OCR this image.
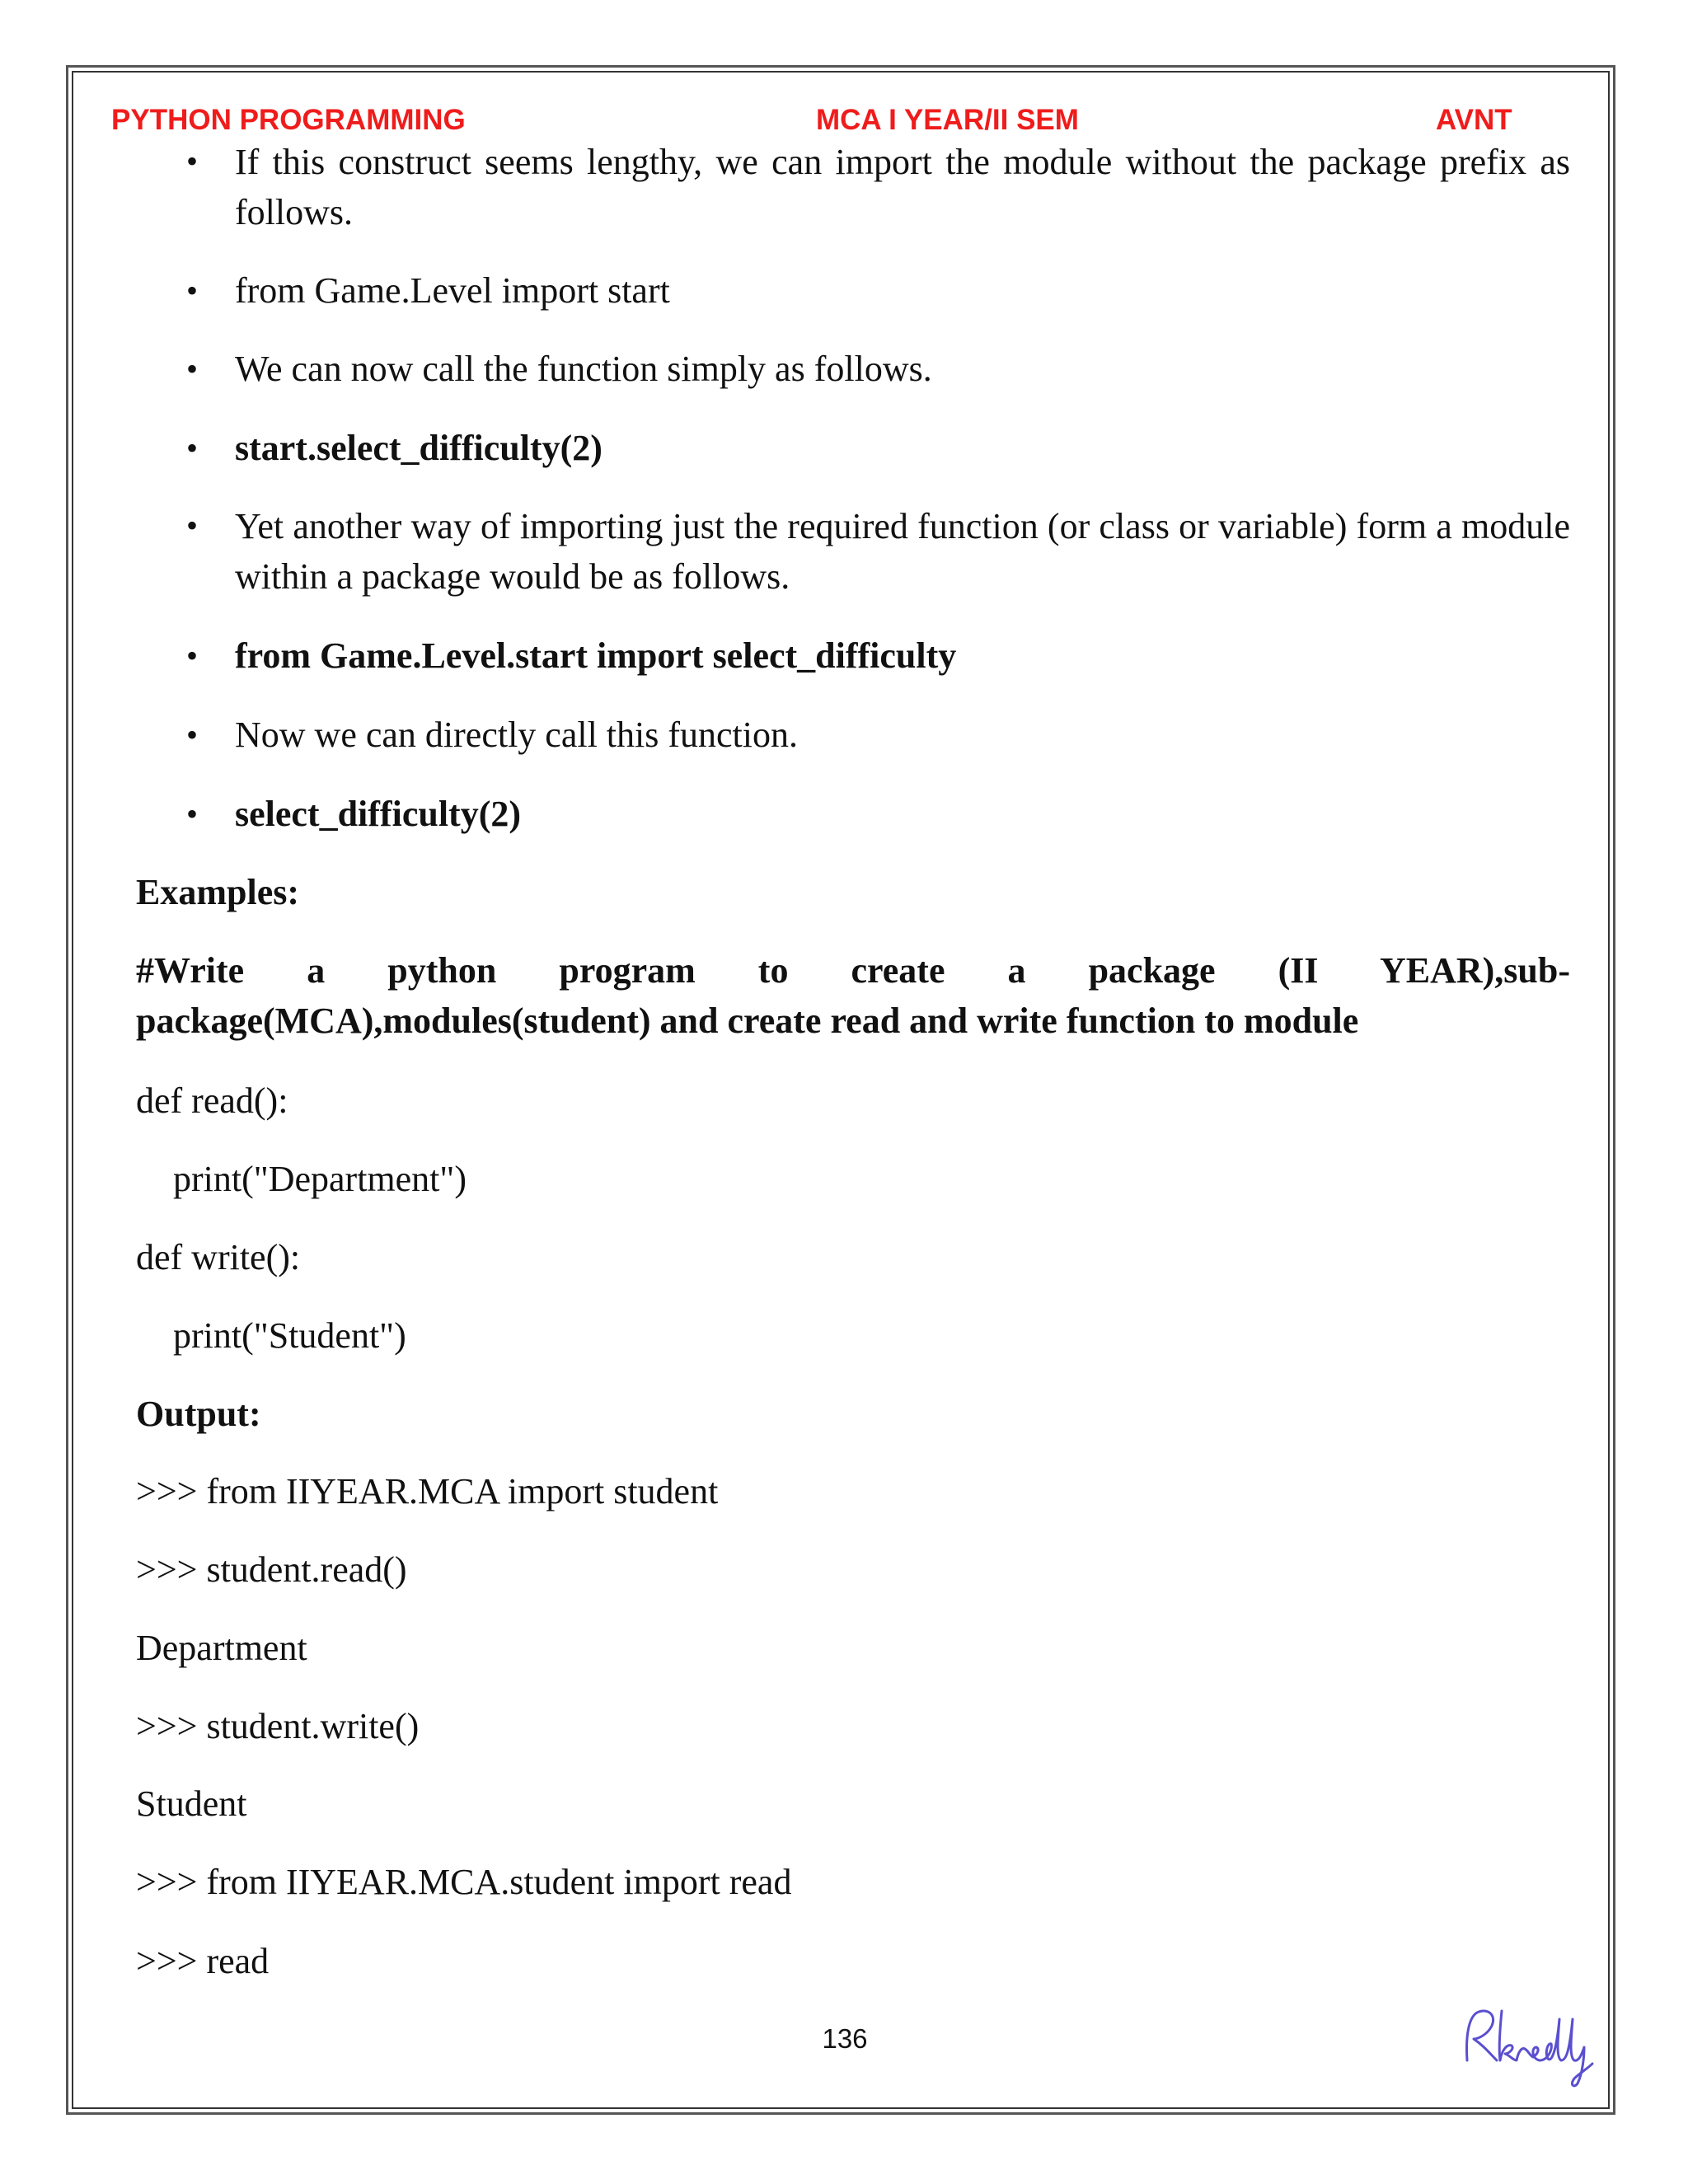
PYTHON PROGRAMMING	MCA I YEAR/II SEM	AVNT
• If this construct seems lengthy, we can import the module without the package prefix as follows.
• from Game.Level import start
• We can now call the function simply as follows.
• start.select_difficulty(2)
• Yet another way of importing just the required function (or class or variable) form a module within a package would be as follows.
• from Game.Level.start import select_difficulty
• Now we can directly call this function.
• select_difficulty(2)
Examples:
#Write a python program to create a package (II YEAR),sub-package(MCA),modules(student) and create read and write function to module
def read():
print("Department")
def write():
print("Student")
Output:
>>> from IIYEAR.MCA import student
>>> student.read()
Department
>>> student.write()
Student
>>> from IIYEAR.MCA.student import read
>>> read
136
